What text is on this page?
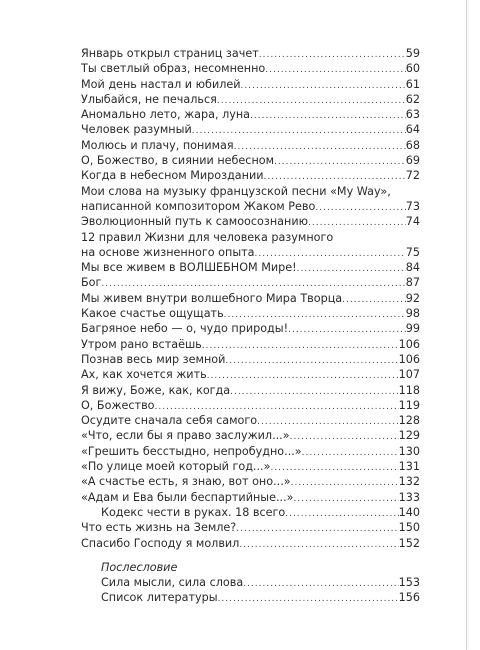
Январь открыл страниц зачет .....	59
Ты светлый образ, несомненно .....	60
Мой день настал и юбилей .....	61
Улыбайся, не печалься .....	62
Аномально лето, жара, луна .....	63
Человек разумный .....	64
Молюсь и плачу, понимая .....	68
О, Божество, в сиянии небесном .....	69
Когда в небесном Мироздании .....	72
Мои слова на музыку французской песни «My Way»,
написанной композитором Жаком Рево .....	73
Эволюционный путь к самоосознанию .....	74
12 правил Жизни для человека разумного
на основе жизненного опыта .....	75
Мы все живем в ВОЛШЕБНОМ Мире! .....	84
Бог .....	87
Мы живем внутри волшебного Мира Творца .....	92
Какое счастье ощущать .....	98
Багряное небо — о, чудо природы! .....	99
Утром рано встаёшь .....	106
Познав весь мир земной .....	106
Ах, как хочется жить .....	107
Я вижу, Боже, как, когда .....	118
О, Божество .....	119
Осудите сначала себя самого .....	128
«Что, если бы я право заслужил...» .....	129
«Грешить бесстыдно, непробудно...» .....	130
«По улице моей который год...» .....	131
«А счастье есть, я знаю, вот оно...» .....	132
«Адам и Ева были беспартийные...» .....	133
Кодекс чести в руках. 18 всего .....	140
Что есть жизнь на Земле? .....	150
Спасибо Господу я молвил .....	152
Послесловие
Сила мысли, сила слова .....	153
Список литературы .....	156
